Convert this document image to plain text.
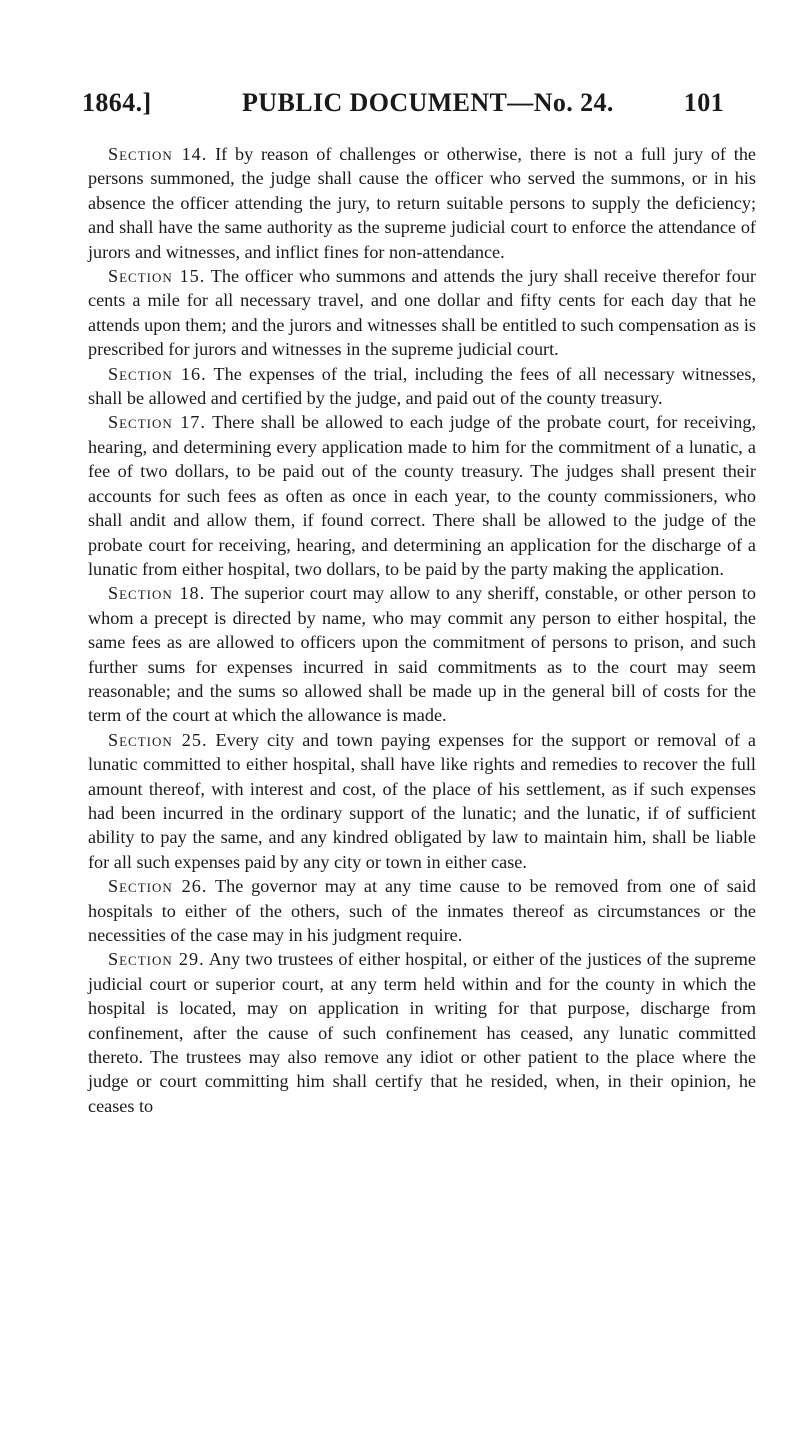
1864.]	PUBLIC DOCUMENT—No. 24.	101

Section 14. If by reason of challenges or otherwise, there is not a full jury of the persons summoned, the judge shall cause the officer who served the summons, or in his absence the officer attending the jury, to return suitable persons to supply the deficiency; and shall have the same authority as the supreme judicial court to enforce the attendance of jurors and witnesses, and inflict fines for non-attendance.

Section 15. The officer who summons and attends the jury shall receive therefor four cents a mile for all necessary travel, and one dollar and fifty cents for each day that he attends upon them; and the jurors and witnesses shall be entitled to such compensation as is prescribed for jurors and witnesses in the supreme judicial court.

Section 16. The expenses of the trial, including the fees of all necessary witnesses, shall be allowed and certified by the judge, and paid out of the county treasury.

Section 17. There shall be allowed to each judge of the probate court, for receiving, hearing, and determining every application made to him for the commitment of a lunatic, a fee of two dollars, to be paid out of the county treasury. The judges shall present their accounts for such fees as often as once in each year, to the county commissioners, who shall andit and allow them, if found correct. There shall be allowed to the judge of the probate court for receiving, hearing, and determining an application for the discharge of a lunatic from either hospital, two dollars, to be paid by the party making the application.

Section 18. The superior court may allow to any sheriff, constable, or other person to whom a precept is directed by name, who may commit any person to either hospital, the same fees as are allowed to officers upon the commitment of persons to prison, and such further sums for expenses incurred in said commitments as to the court may seem reasonable; and the sums so allowed shall be made up in the general bill of costs for the term of the court at which the allowance is made.

Section 25. Every city and town paying expenses for the support or removal of a lunatic committed to either hospital, shall have like rights and remedies to recover the full amount thereof, with interest and cost, of the place of his settlement, as if such expenses had been incurred in the ordinary support of the lunatic; and the lunatic, if of sufficient ability to pay the same, and any kindred obligated by law to maintain him, shall be liable for all such expenses paid by any city or town in either case.

Section 26. The governor may at any time cause to be removed from one of said hospitals to either of the others, such of the inmates thereof as circumstances or the necessities of the case may in his judgment require.

Section 29. Any two trustees of either hospital, or either of the justices of the supreme judicial court or superior court, at any term held within and for the county in which the hospital is located, may on application in writing for that purpose, discharge from confinement, after the cause of such confinement has ceased, any lunatic committed thereto. The trustees may also remove any idiot or other patient to the place where the judge or court committing him shall certify that he resided, when, in their opinion, he ceases to
